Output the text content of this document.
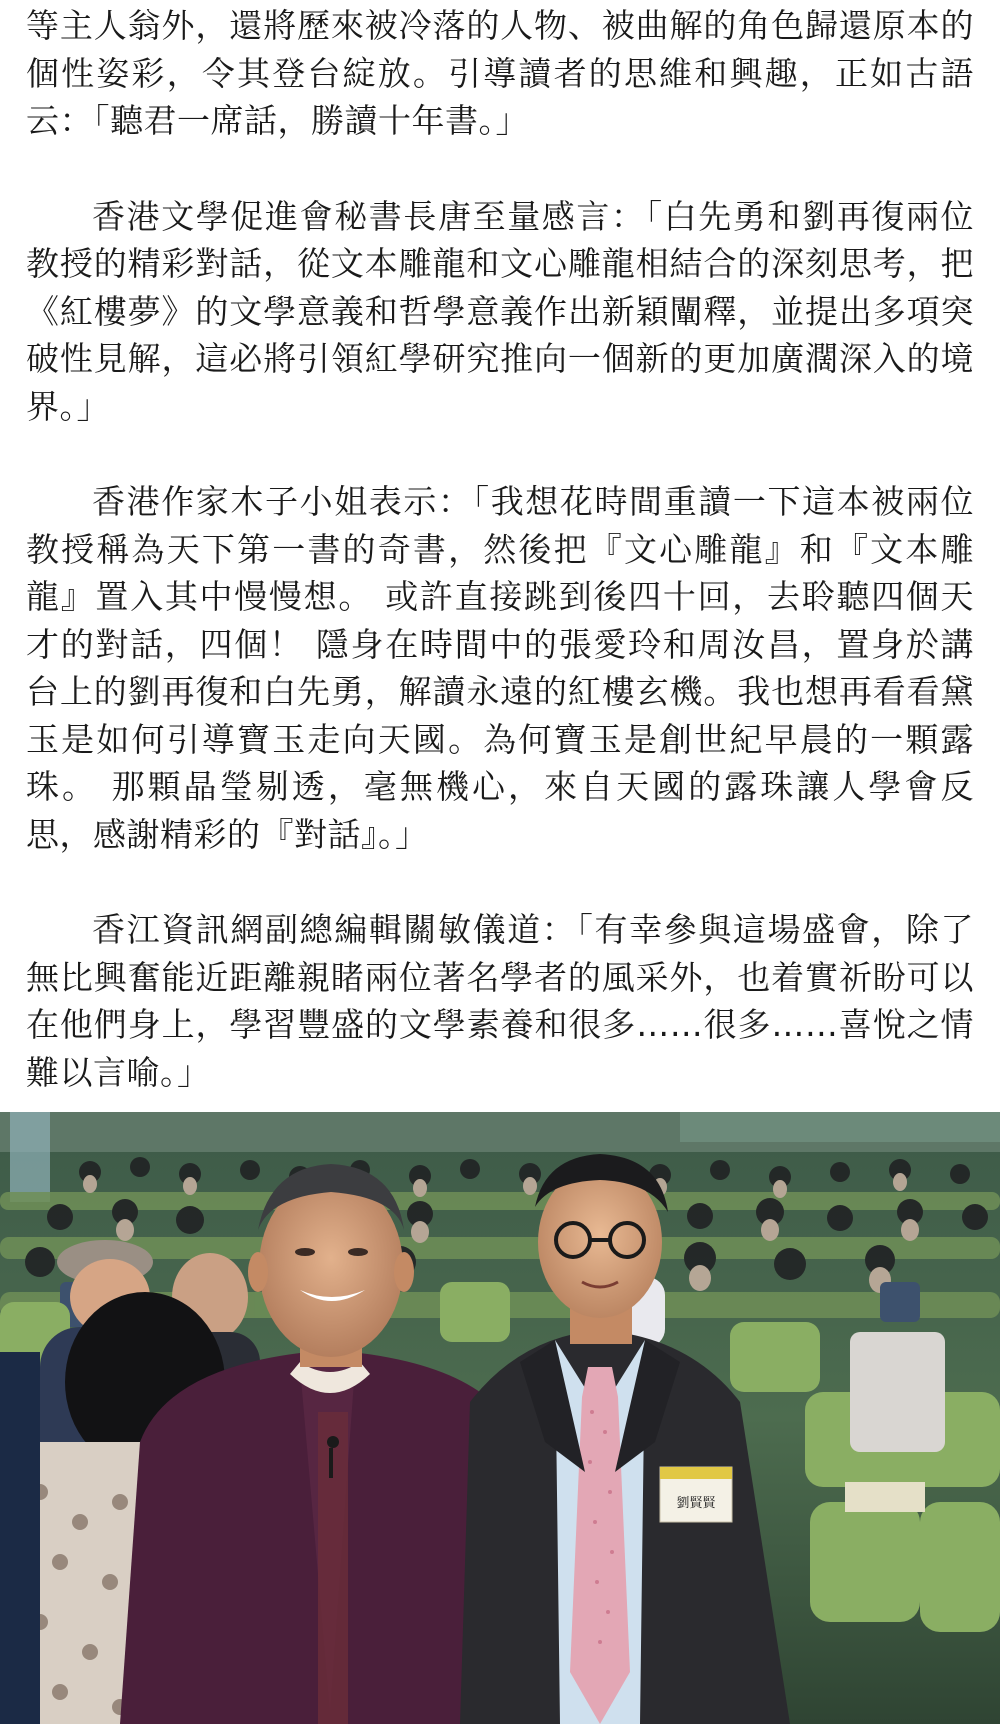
等主人翁外，還將歷來被冷落的人物、被曲解的角色歸還原本的個性姿彩，令其登台綻放。引導讀者的思維和興趣，正如古語云：「聽君一席話，勝讀十年書。」

香港文學促進會秘書長唐至量感言：「白先勇和劉再復兩位教授的精彩對話，從文本雕龍和文心雕龍相結合的深刻思考，把《紅樓夢》的文學意義和哲學意義作出新穎闡釋，並提出多項突破性見解，這必將引領紅學研究推向一個新的更加廣濶深入的境界。」

香港作家木子小姐表示：「我想花時間重讀一下這本被兩位教授稱為天下第一書的奇書，然後把『文心雕龍』和『文本雕龍』置入其中慢慢想。 或許直接跳到後四十回，去聆聽四個天才的對話，四個！ 隱身在時間中的張愛玲和周汝昌，置身於講台上的劉再復和白先勇，解讀永遠的紅樓玄機。我也想再看看黛玉是如何引導寶玉走向天國。為何寶玉是創世紀早晨的一顆露珠。 那顆晶瑩剔透，毫無機心，來自天國的露珠讓人學會反思，感謝精彩的『對話』。」

香江資訊網副總編輯關敏儀道：「有幸參與這場盛會，除了無比興奮能近距離親睹兩位著名學者的風采外，也着實祈盼可以在他們身上，學習豐盛的文學素養和很多……很多……喜悅之情難以言喻。」

劉賢賢
